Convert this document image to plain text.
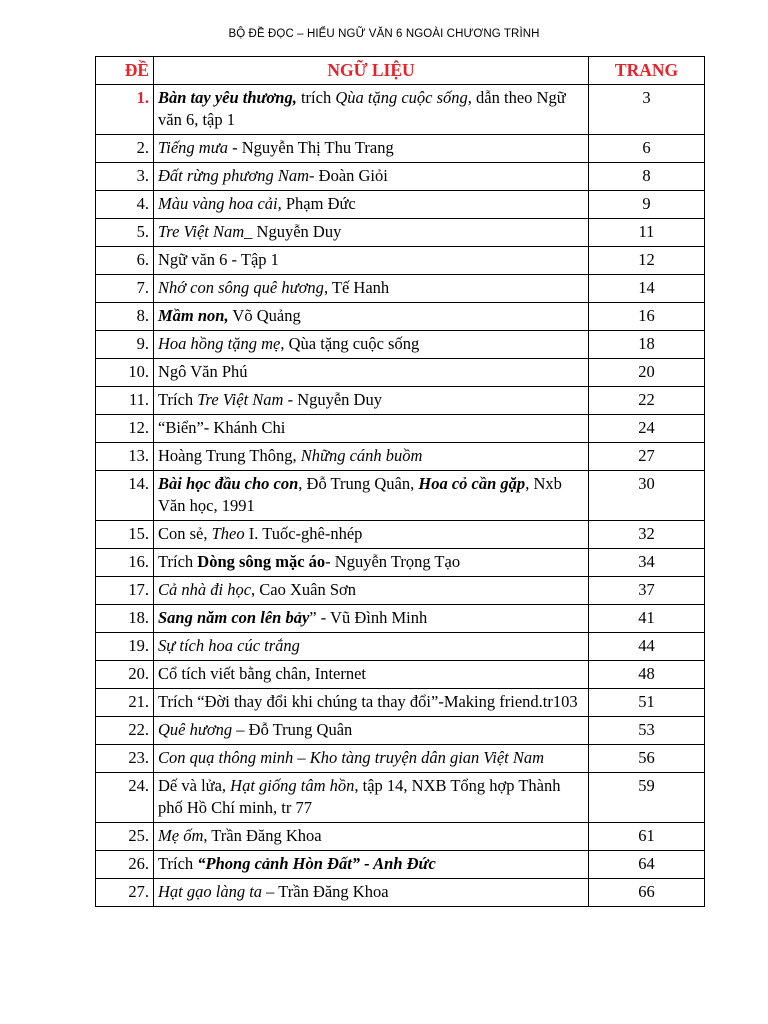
BỘ ĐỀ ĐỌC – HIỂU NGỮ VĂN 6 NGOÀI CHƯƠNG TRÌNH
ĐỀ	NGỮ LIỆU	TRANG
1.	Bàn tay yêu thương, trích Qùa tặng cuộc sống, dẫn theo Ngữ văn 6, tập 1	3
2.	Tiếng mưa - Nguyễn Thị Thu Trang	6
3.	Đất rừng phương Nam- Đoàn Giỏi	8
4.	Màu vàng hoa cải, Phạm Đức	9
5.	Tre Việt Nam_ Nguyễn Duy	11
6.	Ngữ văn 6 - Tập 1	12
7.	Nhớ con sông quê hương, Tế Hanh	14
8.	Mầm non, Võ Quảng	16
9.	Hoa hồng tặng mẹ, Qùa tặng cuộc sống	18
10.	Ngô Văn Phú	20
11.	Trích Tre Việt Nam - Nguyễn Duy	22
12.	“Biển”- Khánh Chi	24
13.	Hoàng Trung Thông, Những cánh buồm	27
14.	Bài học đầu cho con, Đỗ Trung Quân, Hoa cỏ cần gặp, Nxb Văn học, 1991	30
15.	Con sẻ, Theo I. Tuốc-ghê-nhép	32
16.	Trích Dòng sông mặc áo- Nguyễn Trọng Tạo	34
17.	Cả nhà đi học, Cao Xuân Sơn	37
18.	Sang năm con lên bảy” - Vũ Đình Minh	41
19.	Sự tích hoa cúc trắng	44
20.	Cổ tích viết bằng chân, Internet	48
21.	Trích “Đời thay đổi khi chúng ta thay đổi”-Making friend.tr103	51
22.	Quê hương – Đỗ Trung Quân	53
23.	Con quạ thông minh – Kho tàng truyện dân gian Việt Nam	56
24.	Dế và lửa, Hạt giống tâm hồn, tập 14, NXB Tổng hợp Thành phố Hồ Chí minh, tr 77	59
25.	Mẹ ốm, Trần Đăng Khoa	61
26.	Trích “Phong cảnh Hòn Đất” - Anh Đức	64
27.	Hạt gạo làng ta – Trần Đăng Khoa	66
